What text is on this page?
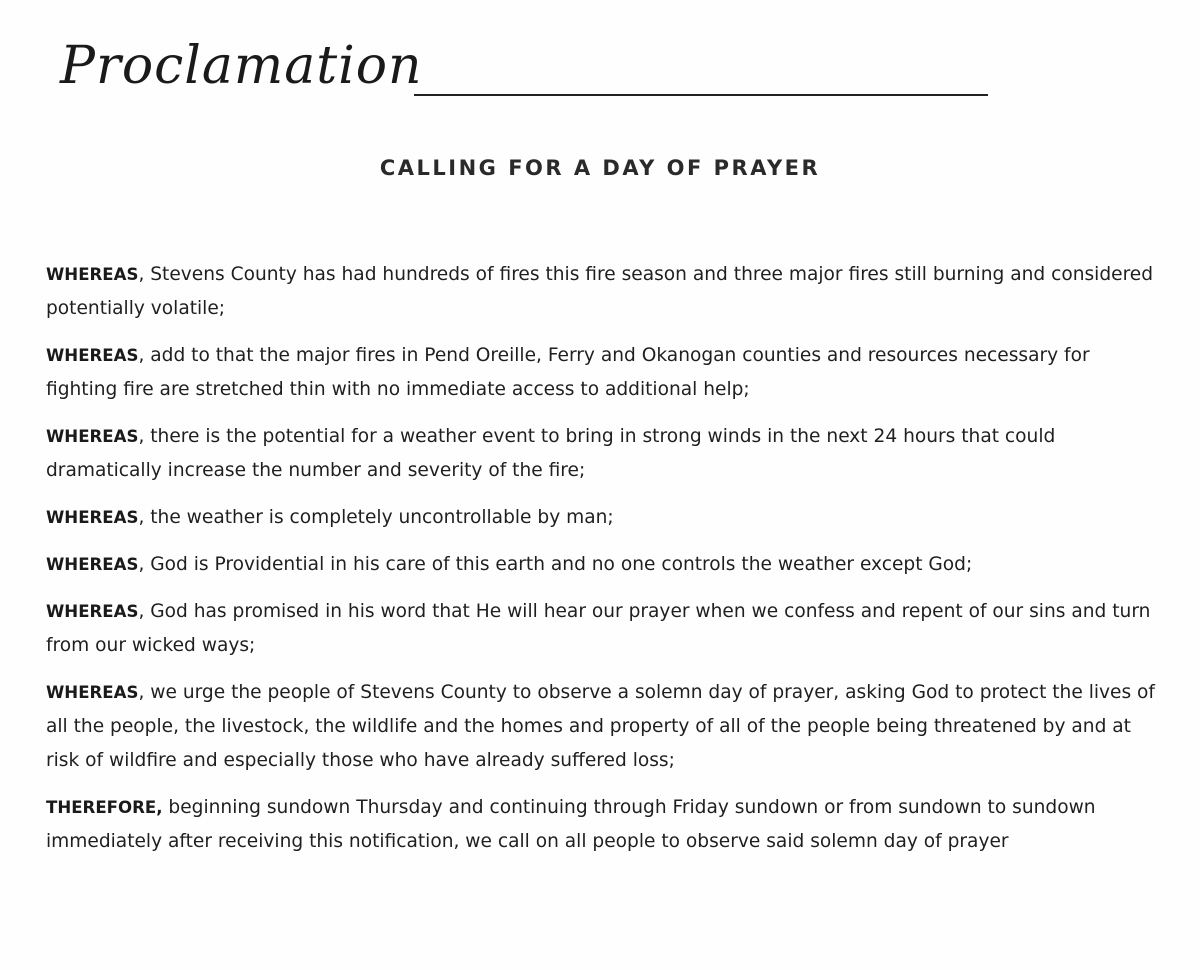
Proclamation
CALLING FOR A DAY OF PRAYER

WHEREAS, Stevens County has had hundreds of fires this fire season and three major fires still burning and considered potentially volatile;

WHEREAS, add to that the major fires in Pend Oreille, Ferry and Okanogan counties and resources necessary for fighting fire are stretched thin with no immediate access to additional help;

WHEREAS, there is the potential for a weather event to bring in strong winds in the next 24 hours that could dramatically increase the number and severity of the fire;

WHEREAS, the weather is completely uncontrollable by man;

WHEREAS, God is Providential in his care of this earth and no one controls the weather except God;

WHEREAS, God has promised in his word that He will hear our prayer when we confess and repent of our sins and turn from our wicked ways;

WHEREAS, we urge the people of Stevens County to observe a solemn day of prayer, asking God to protect the lives of all the people, the livestock, the wildlife and the homes and property of all of the people being threatened by and at risk of wildfire and especially those who have already suffered loss;

THEREFORE, beginning sundown Thursday and continuing through Friday sundown or from sundown to sundown immediately after receiving this notification, we call on all people to observe said solemn day of prayer
